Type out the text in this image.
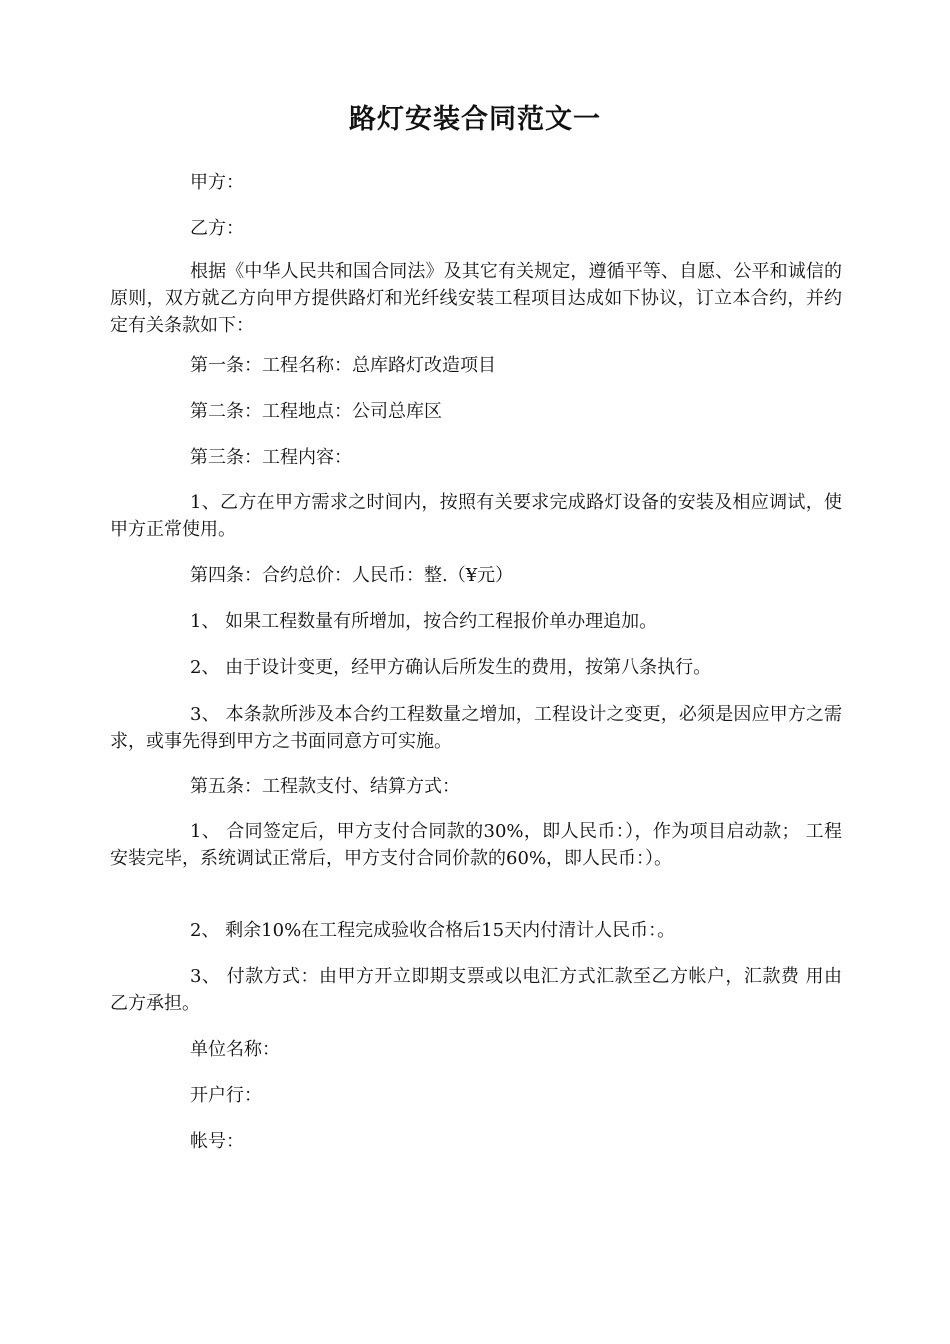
路灯安装合同范文一
甲方：
乙方：
根据《中华人民共和国合同法》及其它有关规定，遵循平等、自愿、公平和诚信的原则，双方就乙方向甲方提供路灯和光纤线安装工程项目达成如下协议，订立本合约，并约定有关条款如下：
第一条：工程名称：总库路灯改造项目
第二条：工程地点：公司总库区
第三条：工程内容：
1、乙方在甲方需求之时间内，按照有关要求完成路灯设备的安装及相应调试，使甲方正常使用。
第四条：合约总价：人民币：整.（¥元）
1、 如果工程数量有所增加，按合约工程报价单办理追加。
2、 由于设计变更，经甲方确认后所发生的费用，按第八条执行。
3、 本条款所涉及本合约工程数量之增加，工程设计之变更，必须是因应甲方之需求，或事先得到甲方之书面同意方可实施。
第五条：工程款支付、结算方式：
1、 合同签定后，甲方支付合同款的30%，即人民币：），作为项目启动款； 工程安装完毕，系统调试正常后，甲方支付合同价款的60%，即人民币：）。
2、 剩余10%在工程完成验收合格后15天内付清计人民币：。
3、 付款方式：由甲方开立即期支票或以电汇方式汇款至乙方帐户，汇款费 用由乙方承担。
单位名称：
开户行：
帐号：
